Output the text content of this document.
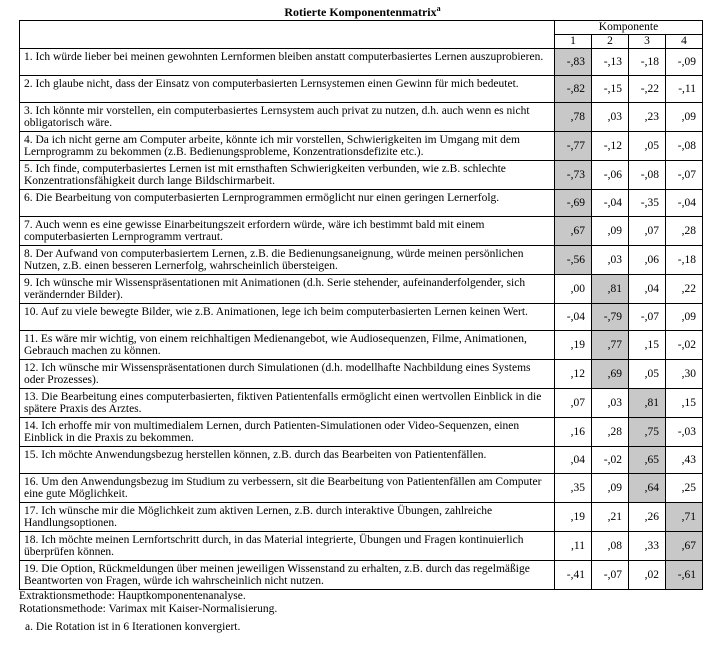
Rotierte Komponentenmatrix$^a$
	Komponente			
	1	2	3	4
1. Ich würde lieber bei meinen gewohnten Lernformen bleiben anstatt computerbasiertes Lernen auszuprobieren.	-,83	-,13	-,18	-,09
2. Ich glaube nicht, dass der Einsatz von computerbasierten Lernsystemen einen Gewinn für mich bedeutet.	-,82	-,15	-,22	-,11
3. Ich könnte mir vorstellen, ein computerbasiertes Lernsystem auch privat zu nutzen, d.h. auch wenn es nicht obligatorisch wäre.	,78	,03	,23	,09
4. Da ich nicht gerne am Computer arbeite, könnte ich mir vorstellen, Schwierigkeiten im Umgang mit dem Lernprogramm zu bekommen (z.B. Bedienungsprobleme, Konzentrationsdefizite etc.).	-,77	-,12	,05	-,08
5. Ich finde, computerbasiertes Lernen ist mit ernsthaften Schwierigkeiten verbunden, wie z.B. schlechte Konzentrationsfähigkeit durch lange Bildschirmarbeit.	-,73	-,06	-,08	-,07
6. Die Bearbeitung von computerbasierten Lernprogrammen ermöglicht nur einen geringen Lernerfolg.	-,69	-,04	-,35	-,04
7. Auch wenn es eine gewisse Einarbeitungszeit erfordern würde, wäre ich bestimmt bald mit einem computerbasierten Lernprogramm vertraut.	,67	,09	,07	,28
8. Der Aufwand von computerbasiertem Lernen, z.B. die Bedienungsaneignung, würde meinen persönlichen Nutzen, z.B. einen besseren Lernerfolg, wahrscheinlich übersteigen.	-,56	,03	,06	-,18
9. Ich wünsche mir Wissenspräsentationen mit Animationen (d.h. Serie stehender, aufeinanderfolgender, sich verändernder Bilder).	,00	,81	,04	,22
10. Auf zu viele bewegte Bilder, wie z.B. Animationen, lege ich beim computerbasierten Lernen keinen Wert.	-,04	-,79	-,07	,09
11. Es wäre mir wichtig, von einem reichhaltigen Medienangebot, wie Audiosequenzen, Filme, Animationen, Gebrauch machen zu können.	,19	,77	,15	-,02
12. Ich wünsche mir Wissenspräsentationen durch Simulationen (d.h. modellhafte Nachbildung eines Systems oder Prozesses).	,12	,69	,05	,30
13. Die Bearbeitung eines computerbasierten, fiktiven Patientenfalls ermöglicht einen wertvollen Einblick in die spätere Praxis des Arztes.	,07	,03	,81	,15
14. Ich erhoffe mir von multimedialem Lernen, durch Patienten-Simulationen oder Video-Sequenzen, einen Einblick in die Praxis zu bekommen.	,16	,28	,75	-,03
15. Ich möchte Anwendungsbezug herstellen können, z.B. durch das Bearbeiten von Patientenfällen.	,04	-,02	,65	,43
16. Um den Anwendungsbezug im Studium zu verbessern, sit die Bearbeitung von Patientenfällen am Computer eine gute Möglichkeit.	,35	,09	,64	,25
17. Ich wünsche mir die Möglichkeit zum aktiven Lernen, z.B. durch interaktive Übungen, zahlreiche Handlungsoptionen.	,19	,21	,26	,71
18. Ich möchte meinen Lernfortschritt durch, in das Material integrierte, Übungen und Fragen kontinuierlich überprüfen können.	,11	,08	,33	,67
19. Die Option, Rückmeldungen über meinen jeweiligen Wissenstand zu erhalten, z.B. durch das regelmäßige Beantworten von Fragen, würde ich wahrscheinlich nicht nutzen.	-,41	-,07	,02	-,61
Extraktionsmethode: Hauptkomponentenanalyse.
Rotationsmethode: Varimax mit Kaiser-Normalisierung.
a. Die Rotation ist in 6 Iterationen konvergiert.
